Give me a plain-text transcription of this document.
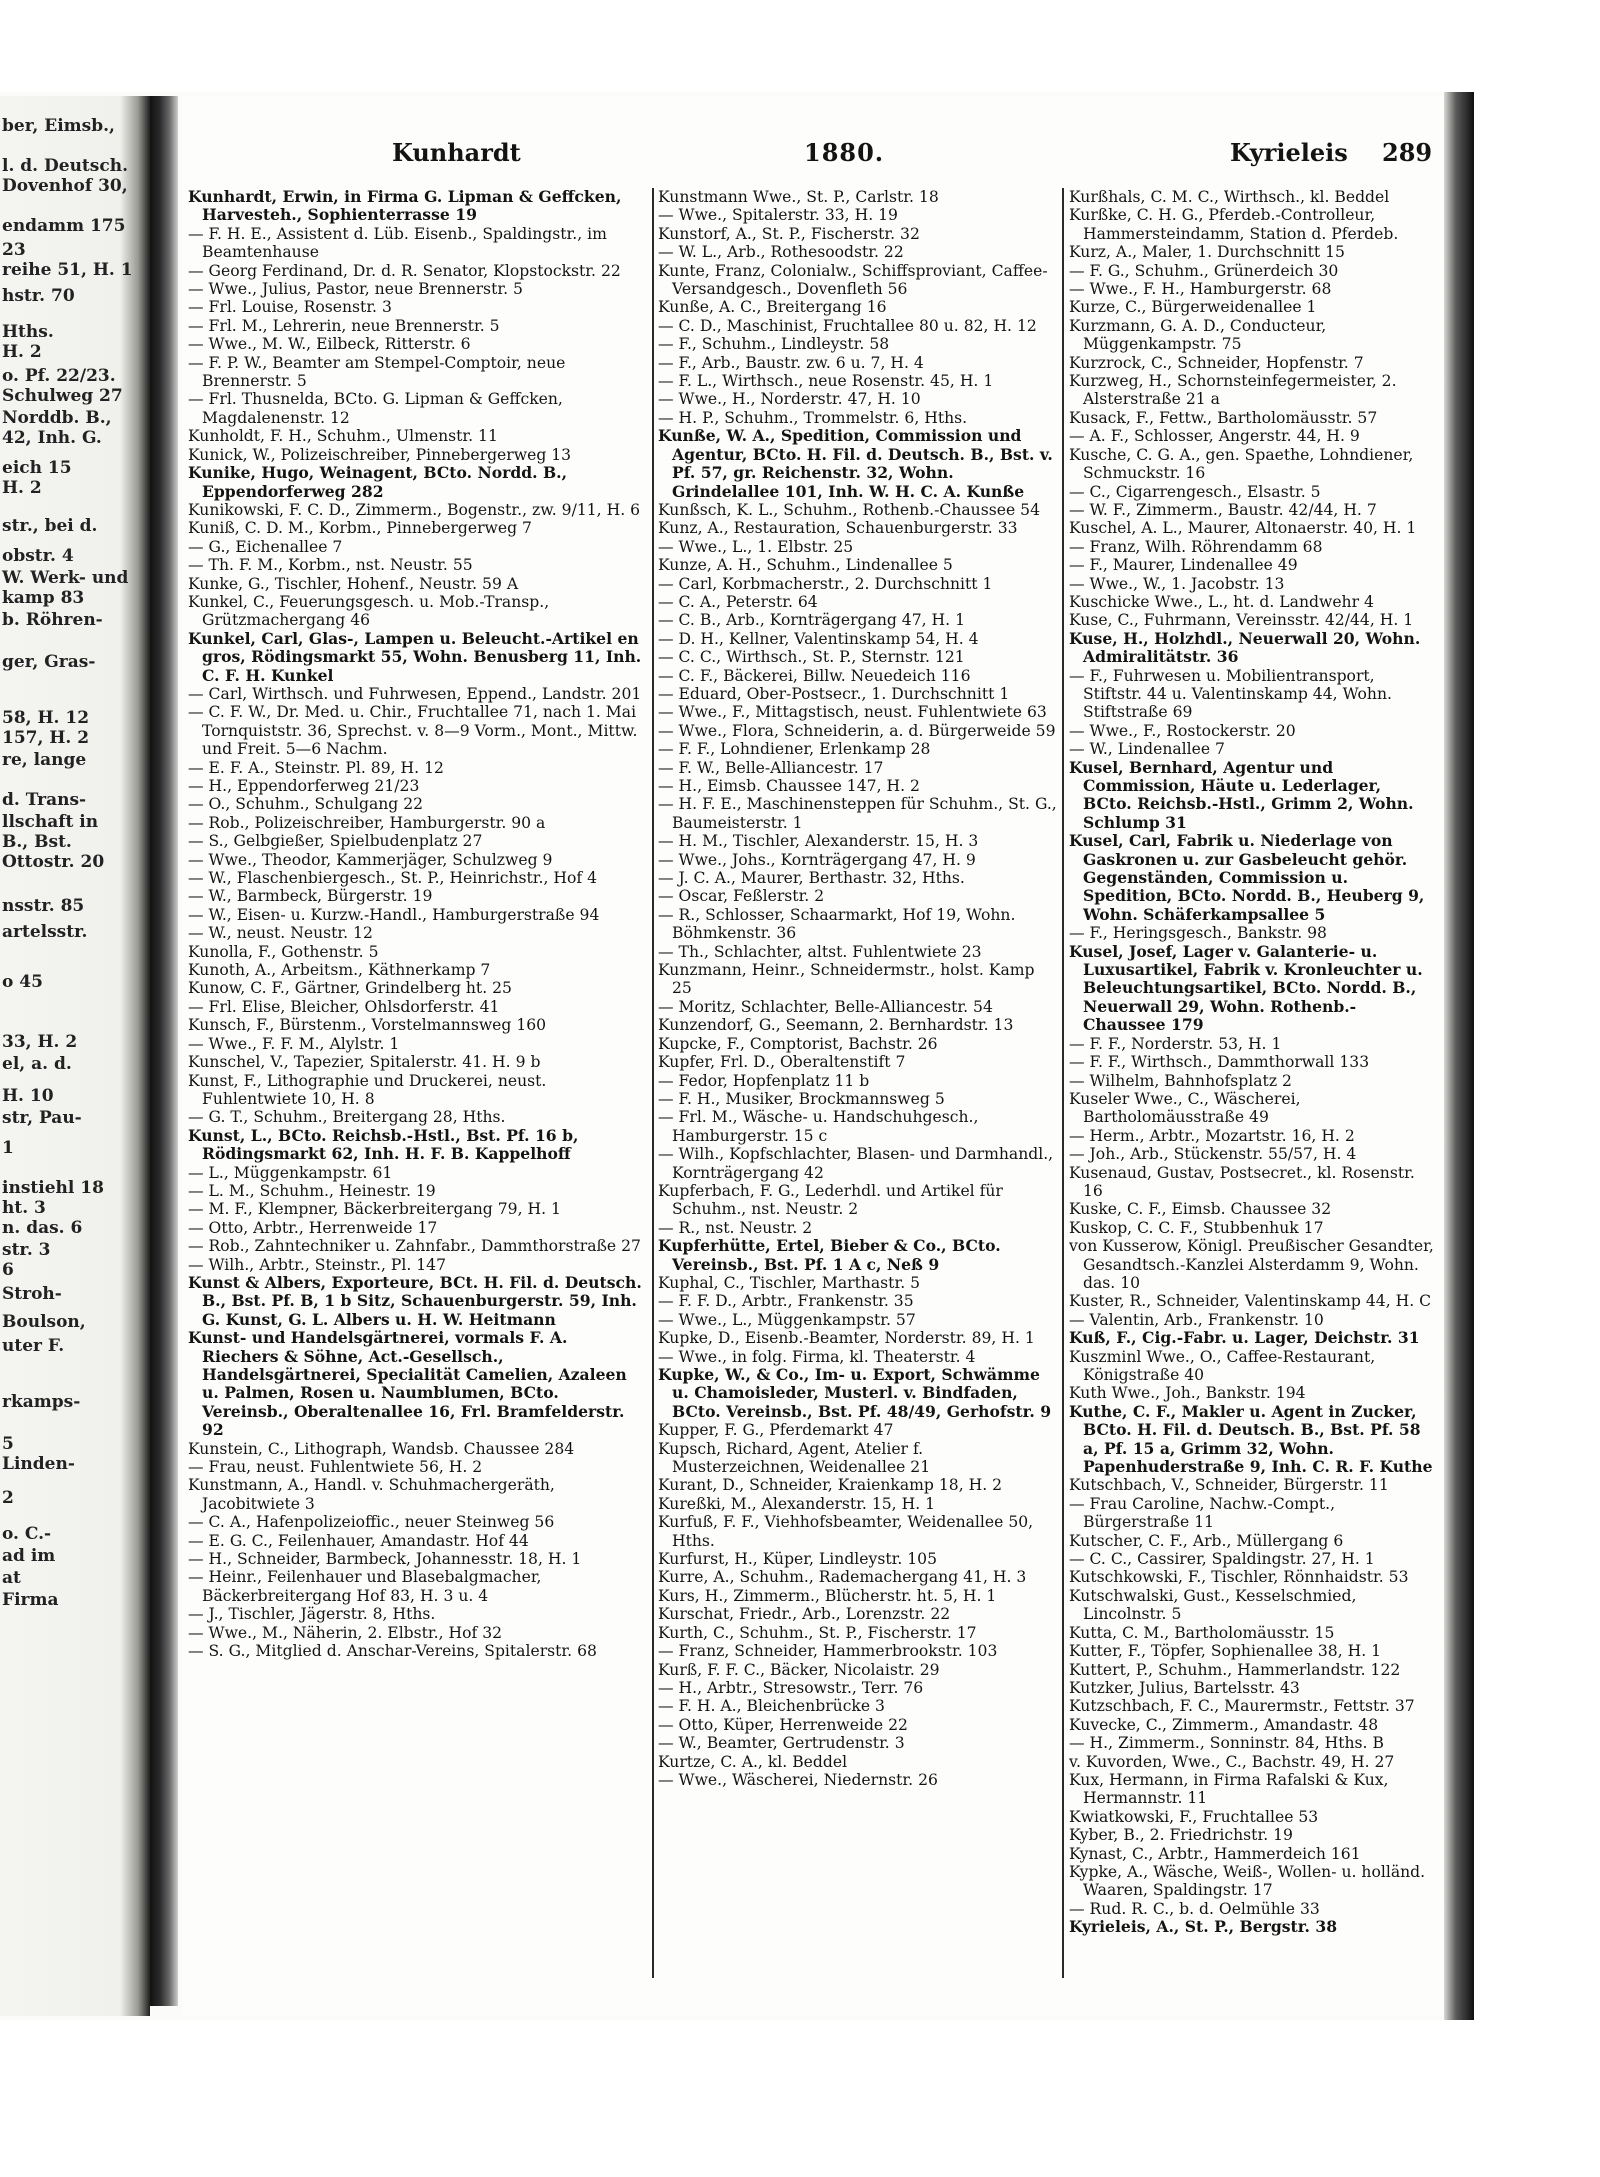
ber, Eimsb.,
l. d. Deutsch.
Dovenhof 30,
endamm 175
23
reihe 51, H. 1
hstr. 70
Hths.
H. 2
o. Pf. 22/23.
Schulweg 27
Norddb. B.,
42, Inh. G.
eich 15
H. 2
str., bei d.
obstr. 4
W. Werk- und
kamp 83
b. Röhren-
ger, Gras-
58, H. 12
157, H. 2
re, lange
d. Trans-
llschaft in
B., Bst.
Ottostr. 20
nsstr. 85
artelsstr.
o 45
33, H. 2
el, a. d.
H. 10
str, Pau-
1
instiehl 18
ht. 3
n. das. 6
str. 3
6
Stroh-
Boulson,
uter F.
rkamps-
5
Linden-
2
o. C.-
ad im
at
Firma
Kunhardt	1880.	Kyrieleis 289

Kunhardt, Erwin, in Firma G. Lipman & Geffcken, Harvesteh., Sophienterrasse 19

— F. H. E., Assistent d. Lüb. Eisenb., Spaldingstr., im Beamtenhause

— Georg Ferdinand, Dr. d. R. Senator, Klopstockstr. 22

— Wwe., Julius, Pastor, neue Brennerstr. 5

— Frl. Louise, Rosenstr. 3

— Frl. M., Lehrerin, neue Brennerstr. 5

— Wwe., M. W., Eilbeck, Ritterstr. 6

— F. P. W., Beamter am Stempel-Comptoir, neue Brennerstr. 5

— Frl. Thusnelda, BCto. G. Lipman & Geffcken, Magdalenenstr. 12

Kunholdt, F. H., Schuhm., Ulmenstr. 11

Kunick, W., Polizeischreiber, Pinnebergerweg 13

Kunike, Hugo, Weinagent, BCto. Nordd. B., Eppendorferweg 282

Kunikowski, F. C. D., Zimmerm., Bogenstr., zw. 9/11, H. 6

Kuniß, C. D. M., Korbm., Pinnebergerweg 7

— G., Eichenallee 7

— Th. F. M., Korbm., nst. Neustr. 55

Kunke, G., Tischler, Hohenf., Neustr. 59 A

Kunkel, C., Feuerungsgesch. u. Mob.-Transp., Grützmachergang 46

Kunkel, Carl, Glas-, Lampen u. Beleucht.-Artikel en gros, Rödingsmarkt 55, Wohn. Benusberg 11, Inh. C. F. H. Kunkel

— Carl, Wirthsch. und Fuhrwesen, Eppend., Landstr. 201

— C. F. W., Dr. Med. u. Chir., Fruchtallee 71, nach 1. Mai Tornquiststr. 36, Sprechst. v. 8—9 Vorm., Mont., Mittw. und Freit. 5—6 Nachm.

— E. F. A., Steinstr. Pl. 89, H. 12

— H., Eppendorferweg 21/23

— O., Schuhm., Schulgang 22

— Rob., Polizeischreiber, Hamburgerstr. 90 a

— S., Gelbgießer, Spielbudenplatz 27

— Wwe., Theodor, Kammerjäger, Schulzweg 9

— W., Flaschenbiergesch., St. P., Heinrichstr., Hof 4

— W., Barmbeck, Bürgerstr. 19

— W., Eisen- u. Kurzw.-Handl., Hamburgerstraße 94

— W., neust. Neustr. 12

Kunolla, F., Gothenstr. 5

Kunoth, A., Arbeitsm., Käthnerkamp 7

Kunow, C. F., Gärtner, Grindelberg ht. 25

— Frl. Elise, Bleicher, Ohlsdorferstr. 41

Kunsch, F., Bürstenm., Vorstelmannsweg 160

— Wwe., F. F. M., Alylstr. 1

Kunschel, V., Tapezier, Spitalerstr. 41. H. 9 b

Kunst, F., Lithographie und Druckerei, neust. Fuhlentwiete 10, H. 8

— G. T., Schuhm., Breitergang 28, Hths.

Kunst, L., BCto. Reichsb.-Hstl., Bst. Pf. 16 b, Rödingsmarkt 62, Inh. H. F. B. Kappelhoff

— L., Müggenkampstr. 61

— L. M., Schuhm., Heinestr. 19

— M. F., Klempner, Bäckerbreitergang 79, H. 1

— Otto, Arbtr., Herrenweide 17

— Rob., Zahntechniker u. Zahnfabr., Dammthorstraße 27

— Wilh., Arbtr., Steinstr., Pl. 147

Kunst & Albers, Exporteure, BCt. H. Fil. d. Deutsch. B., Bst. Pf. B, 1 b Sitz, Schauenburgerstr. 59, Inh. G. Kunst, G. L. Albers u. H. W. Heitmann

Kunst- und Handelsgärtnerei, vormals F. A. Riechers & Söhne, Act.-Gesellsch., Handelsgärtnerei, Specialität Camelien, Azaleen u. Palmen, Rosen u. Naumblumen, BCto. Vereinsb., Oberaltenallee 16, Frl. Bramfelderstr. 92

Kunstein, C., Lithograph, Wandsb. Chaussee 284

— Frau, neust. Fuhlentwiete 56, H. 2

Kunstmann, A., Handl. v. Schuhmachergeräth, Jacobitwiete 3

— C. A., Hafenpolizeioffic., neuer Steinweg 56

— E. G. C., Feilenhauer, Amandastr. Hof 44

— H., Schneider, Barmbeck, Johannesstr. 18, H. 1

— Heinr., Feilenhauer und Blasebalgmacher, Bäckerbreitergang Hof 83, H. 3 u. 4

— J., Tischler, Jägerstr. 8, Hths.

— Wwe., M., Näherin, 2. Elbstr., Hof 32

— S. G., Mitglied d. Anschar-Vereins, Spitalerstr. 68

Kunstmann Wwe., St. P., Carlstr. 18

— Wwe., Spitalerstr. 33, H. 19

Kunstorf, A., St. P., Fischerstr. 32

— W. L., Arb., Rothesoodstr. 22

Kunte, Franz, Colonialw., Schiffsproviant, Caffee-Versandgesch., Dovenfleth 56

Kunße, A. C., Breitergang 16

— C. D., Maschinist, Fruchtallee 80 u. 82, H. 12

— F., Schuhm., Lindleystr. 58

— F., Arb., Baustr. zw. 6 u. 7, H. 4

— F. L., Wirthsch., neue Rosenstr. 45, H. 1

— Wwe., H., Norderstr. 47, H. 10

— H. P., Schuhm., Trommelstr. 6, Hths.

Kunße, W. A., Spedition, Commission und Agentur, BCto. H. Fil. d. Deutsch. B., Bst. v. Pf. 57, gr. Reichenstr. 32, Wohn. Grindelallee 101, Inh. W. H. C. A. Kunße

Kunßsch, K. L., Schuhm., Rothenb.-Chaussee 54

Kunz, A., Restauration, Schauenburgerstr. 33

— Wwe., L., 1. Elbstr. 25

Kunze, A. H., Schuhm., Lindenallee 5

— Carl, Korbmacherstr., 2. Durchschnitt 1

— C. A., Peterstr. 64

— C. B., Arb., Kornträgergang 47, H. 1

— D. H., Kellner, Valentinskamp 54, H. 4

— C. C., Wirthsch., St. P., Sternstr. 121

— C. F., Bäckerei, Billw. Neuedeich 116

— Eduard, Ober-Postsecr., 1. Durchschnitt 1

— Wwe., F., Mittagstisch, neust. Fuhlentwiete 63

— Wwe., Flora, Schneiderin, a. d. Bürgerweide 59

— F. F., Lohndiener, Erlenkamp 28

— F. W., Belle-Alliancestr. 17

— H., Eimsb. Chaussee 147, H. 2

— H. F. E., Maschinensteppen für Schuhm., St. G., Baumeisterstr. 1

— H. M., Tischler, Alexanderstr. 15, H. 3

— Wwe., Johs., Kornträgergang 47, H. 9

— J. C. A., Maurer, Berthastr. 32, Hths.

— Oscar, Feßlerstr. 2

— R., Schlosser, Schaarmarkt, Hof 19, Wohn. Böhmkenstr. 36

— Th., Schlachter, altst. Fuhlentwiete 23

Kunzmann, Heinr., Schneidermstr., holst. Kamp 25

— Moritz, Schlachter, Belle-Alliancestr. 54

Kunzendorf, G., Seemann, 2. Bernhardstr. 13

Kupcke, F., Comptorist, Bachstr. 26

Kupfer, Frl. D., Oberaltenstift 7

— Fedor, Hopfenplatz 11 b

— F. H., Musiker, Brockmannsweg 5

— Frl. M., Wäsche- u. Handschuhgesch., Hamburgerstr. 15 c

— Wilh., Kopfschlachter, Blasen- und Darmhandl., Kornträgergang 42

Kupferbach, F. G., Lederhdl. und Artikel für Schuhm., nst. Neustr. 2

— R., nst. Neustr. 2

Kupferhütte, Ertel, Bieber & Co., BCto. Vereinsb., Bst. Pf. 1 A c, Neß 9

Kuphal, C., Tischler, Marthastr. 5

— F. F. D., Arbtr., Frankenstr. 35

— Wwe., L., Müggenkampstr. 57

Kupke, D., Eisenb.-Beamter, Norderstr. 89, H. 1

— Wwe., in folg. Firma, kl. Theaterstr. 4

Kupke, W., & Co., Im- u. Export, Schwämme u. Chamoisleder, Musterl. v. Bindfaden, BCto. Vereinsb., Bst. Pf. 48/49, Gerhofstr. 9

Kupper, F. G., Pferdemarkt 47

Kupsch, Richard, Agent, Atelier f. Musterzeichnen, Weidenallee 21

Kurant, D., Schneider, Kraienkamp 18, H. 2

Kureßki, M., Alexanderstr. 15, H. 1

Kurfuß, F. F., Viehhofsbeamter, Weidenallee 50, Hths.

Kurfurst, H., Küper, Lindleystr. 105

Kurre, A., Schuhm., Rademachergang 41, H. 3

Kurs, H., Zimmerm., Blücherstr. ht. 5, H. 1

Kurschat, Friedr., Arb., Lorenzstr. 22

Kurth, C., Schuhm., St. P., Fischerstr. 17

— Franz, Schneider, Hammerbrookstr. 103

Kurß, F. F. C., Bäcker, Nicolaistr. 29

— H., Arbtr., Stresowstr., Terr. 76

— F. H. A., Bleichenbrücke 3

— Otto, Küper, Herrenweide 22

— W., Beamter, Gertrudenstr. 3

Kurtze, C. A., kl. Beddel

— Wwe., Wäscherei, Niedernstr. 26

Kurßhals, C. M. C., Wirthsch., kl. Beddel

Kurßke, C. H. G., Pferdeb.-Controlleur, Hammersteindamm, Station d. Pferdeb.

Kurz, A., Maler, 1. Durchschnitt 15

— F. G., Schuhm., Grünerdeich 30

— Wwe., F. H., Hamburgerstr. 68

Kurze, C., Bürgerweidenallee 1

Kurzmann, G. A. D., Conducteur, Müggenkampstr. 75

Kurzrock, C., Schneider, Hopfenstr. 7

Kurzweg, H., Schornsteinfegermeister, 2. Alsterstraße 21 a

Kusack, F., Fettw., Bartholomäusstr. 57

— A. F., Schlosser, Angerstr. 44, H. 9

Kusche, C. G. A., gen. Spaethe, Lohndiener, Schmuckstr. 16

— C., Cigarrengesch., Elsastr. 5

— W. F., Zimmerm., Baustr. 42/44, H. 7

Kuschel, A. L., Maurer, Altonaerstr. 40, H. 1

— Franz, Wilh. Röhrendamm 68

— F., Maurer, Lindenallee 49

— Wwe., W., 1. Jacobstr. 13

Kuschicke Wwe., L., ht. d. Landwehr 4

Kuse, C., Fuhrmann, Vereinsstr. 42/44, H. 1

Kuse, H., Holzhdl., Neuerwall 20, Wohn. Admiralitätstr. 36

— F., Fuhrwesen u. Mobilientransport, Stiftstr. 44 u. Valentinskamp 44, Wohn. Stiftstraße 69

— Wwe., F., Rostockerstr. 20

— W., Lindenallee 7

Kusel, Bernhard, Agentur und Commission, Häute u. Lederlager, BCto. Reichsb.-Hstl., Grimm 2, Wohn. Schlump 31

Kusel, Carl, Fabrik u. Niederlage von Gaskronen u. zur Gasbeleucht gehör. Gegenständen, Commission u. Spedition, BCto. Nordd. B., Heuberg 9, Wohn. Schäferkampsallee 5

— F., Heringsgesch., Bankstr. 98

Kusel, Josef, Lager v. Galanterie- u. Luxusartikel, Fabrik v. Kronleuchter u. Beleuchtungsartikel, BCto. Nordd. B., Neuerwall 29, Wohn. Rothenb.-Chaussee 179

— F. F., Norderstr. 53, H. 1

— F. F., Wirthsch., Dammthorwall 133

— Wilhelm, Bahnhofsplatz 2

Kuseler Wwe., C., Wäscherei, Bartholomäusstraße 49

— Herm., Arbtr., Mozartstr. 16, H. 2

— Joh., Arb., Stückenstr. 55/57, H. 4

Kusenaud, Gustav, Postsecret., kl. Rosenstr. 16

Kuske, C. F., Eimsb. Chaussee 32

Kuskop, C. C. F., Stubbenhuk 17

von Kusserow, Königl. Preußischer Gesandter, Gesandtsch.-Kanzlei Alsterdamm 9, Wohn. das. 10

Kuster, R., Schneider, Valentinskamp 44, H. C

— Valentin, Arb., Frankenstr. 10

Kuß, F., Cig.-Fabr. u. Lager, Deichstr. 31

Kuszminl Wwe., O., Caffee-Restaurant, Königstraße 40

Kuth Wwe., Joh., Bankstr. 194

Kuthe, C. F., Makler u. Agent in Zucker, BCto. H. Fil. d. Deutsch. B., Bst. Pf. 58 a, Pf. 15 a, Grimm 32, Wohn. Papenhuderstraße 9, Inh. C. R. F. Kuthe

Kutschbach, V., Schneider, Bürgerstr. 11

— Frau Caroline, Nachw.-Compt., Bürgerstraße 11

Kutscher, C. F., Arb., Müllergang 6

— C. C., Cassirer, Spaldingstr. 27, H. 1

Kutschkowski, F., Tischler, Rönnhaidstr. 53

Kutschwalski, Gust., Kesselschmied, Lincolnstr. 5

Kutta, C. M., Bartholomäusstr. 15

Kutter, F., Töpfer, Sophienallee 38, H. 1

Kuttert, P., Schuhm., Hammerlandstr. 122

Kutzker, Julius, Bartelsstr. 43

Kutzschbach, F. C., Maurermstr., Fettstr. 37

Kuvecke, C., Zimmerm., Amandastr. 48

— H., Zimmerm., Sonninstr. 84, Hths. B

v. Kuvorden, Wwe., C., Bachstr. 49, H. 27

Kux, Hermann, in Firma Rafalski & Kux, Hermannstr. 11

Kwiatkowski, F., Fruchtallee 53

Kyber, B., 2. Friedrichstr. 19

Kynast, C., Arbtr., Hammerdeich 161

Kypke, A., Wäsche, Weiß-, Wollen- u. holländ. Waaren, Spaldingstr. 17

— Rud. R. C., b. d. Oelmühle 33

Kyrieleis, A., St. P., Bergstr. 38
